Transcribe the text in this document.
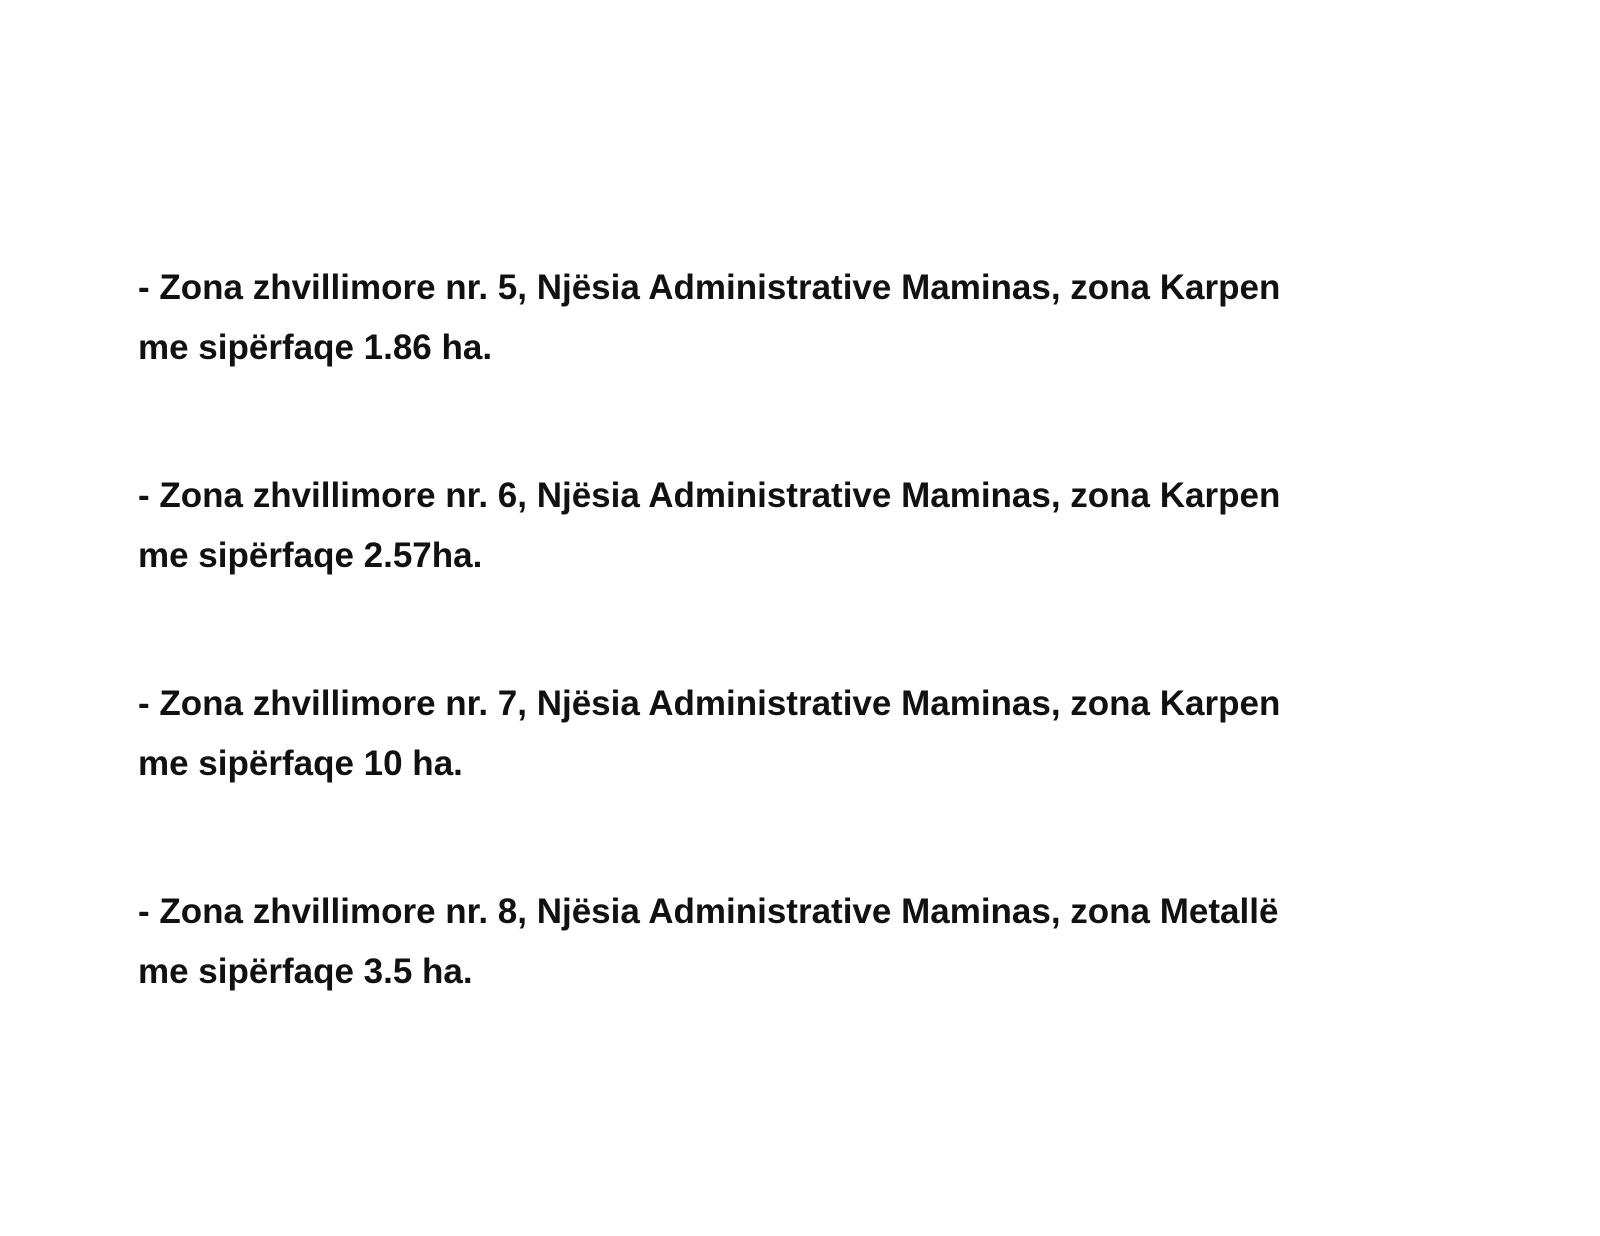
- Zona zhvillimore nr. 5, Njësia Administrative Maminas, zona Karpen
me sipërfaqe 1.86 ha.
- Zona zhvillimore nr. 6, Njësia Administrative Maminas, zona Karpen
me sipërfaqe 2.57ha.
- Zona zhvillimore nr. 7, Njësia Administrative Maminas, zona Karpen
me sipërfaqe 10 ha.
- Zona zhvillimore nr. 8, Njësia Administrative Maminas, zona Metallë
me sipërfaqe 3.5 ha.
